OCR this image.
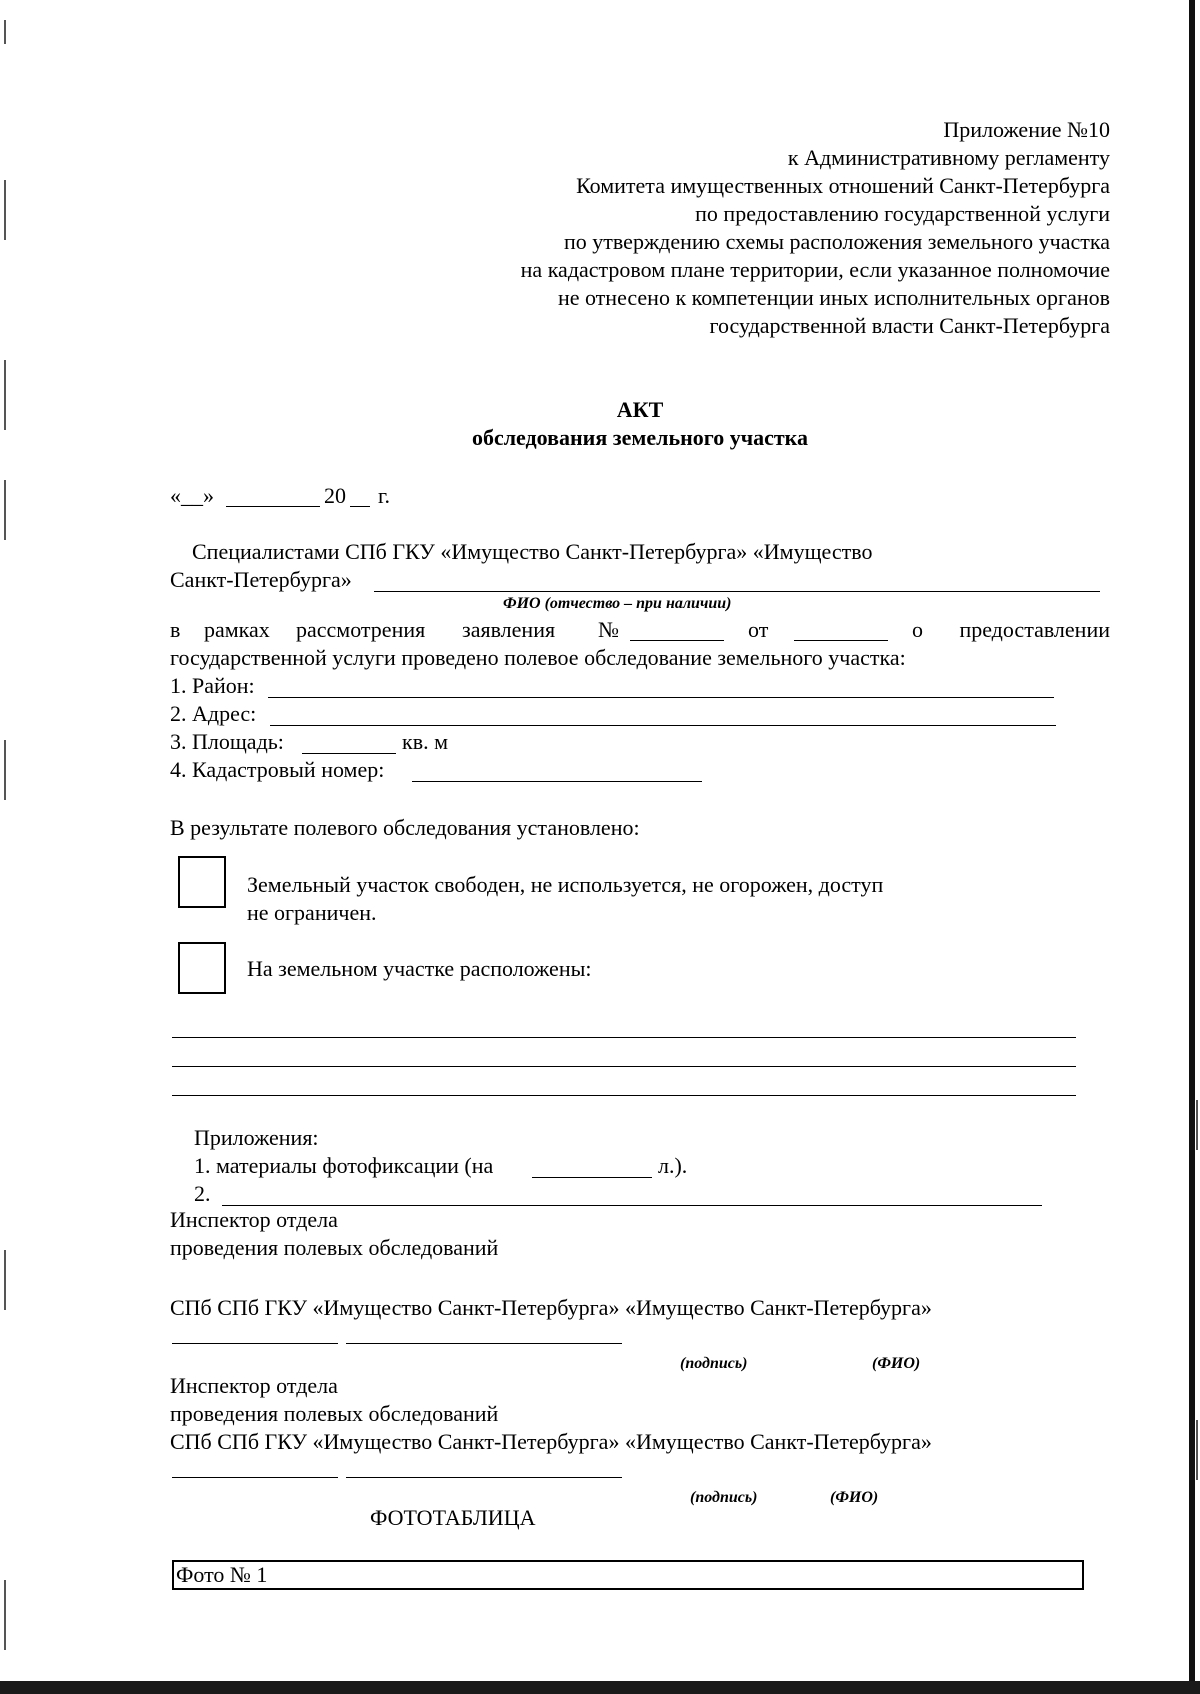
Приложение №10
к Административному регламенту
Комитета имущественных отношений Санкт-Петербурга
по предоставлению государственной услуги
по утверждению схемы расположения земельного участка
на кадастровом плане территории, если указанное полномочие
не отнесено к компетенции иных исполнительных органов
государственной власти Санкт-Петербурга
АКТ
обследования земельного участка
«__»	20 г.
Специалистами СПб ГКУ «Имущество Санкт-Петербурга» «Имущество
Санкт-Петербурга»
ФИО (отчество – при наличии)
в рамках рассмотрения заявления №	от	о предоставлении
государственной услуги проведено полевое обследование земельного участка:
1. Район:
2. Адрес:
3. Площадь:	кв. м
4. Кадастровый номер:
В результате полевого обследования установлено:
Земельный участок свободен, не используется, не огорожен, доступ
не ограничен.
На земельном участке расположены:
Приложения:
1. материалы фотофиксации (на	л.).
2.
Инспектор отдела
проведения полевых обследований
СПб СПб ГКУ «Имущество Санкт-Петербурга» «Имущество Санкт-Петербурга»
(подпись)	(ФИО)
Инспектор отдела
проведения полевых обследований
СПб СПб ГКУ «Имущество Санкт-Петербурга» «Имущество Санкт-Петербурга»
(подпись)	(ФИО)
ФОТОТАБЛИЦА
Фото № 1
